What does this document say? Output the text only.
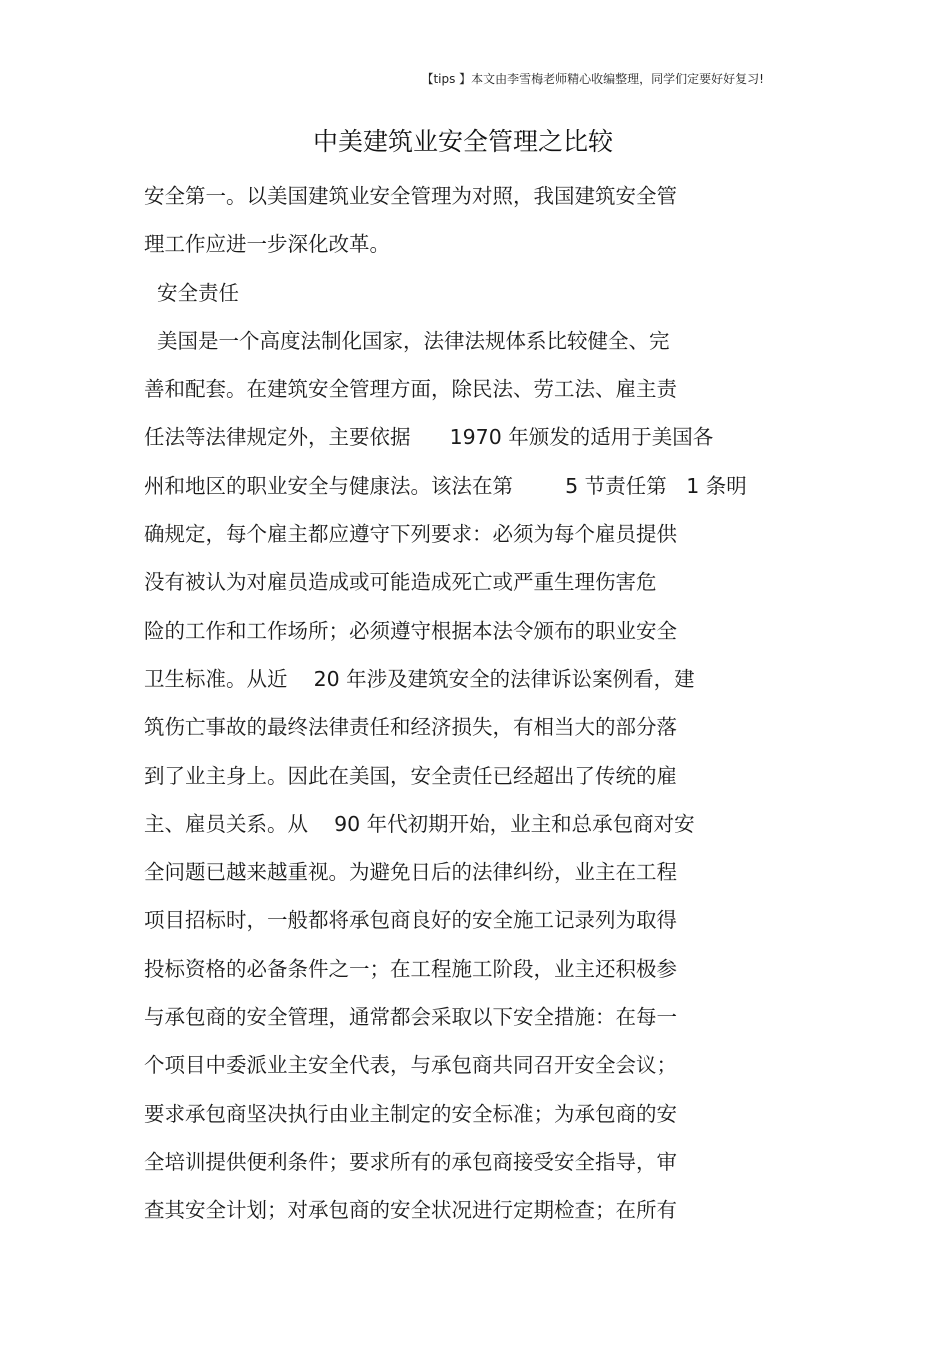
【tips 】本文由李雪梅老师精心收编整理，同学们定要好好复习!
中美建筑业安全管理之比较
安全第一。以美国建筑业安全管理为对照，我国建筑安全管
理工作应进一步深化改革。
安全责任
美国是一个高度法制化国家，法律法规体系比较健全、完
善和配套。在建筑安全管理方面，除民法、劳工法、雇主责
任法等法律规定外，主要依据      1970 年颁发的适用于美国各
州和地区的职业安全与健康法。该法在第        5 节责任第   1 条明
确规定，每个雇主都应遵守下列要求：必须为每个雇员提供
没有被认为对雇员造成或可能造成死亡或严重生理伤害危
险的工作和工作场所；必须遵守根据本法令颁布的职业安全
卫生标准。从近    20 年涉及建筑安全的法律诉讼案例看，建
筑伤亡事故的最终法律责任和经济损失，有相当大的部分落
到了业主身上。因此在美国，安全责任已经超出了传统的雇
主、雇员关系。从    90 年代初期开始，业主和总承包商对安
全问题已越来越重视。为避免日后的法律纠纷，业主在工程
项目招标时，一般都将承包商良好的安全施工记录列为取得
投标资格的必备条件之一；在工程施工阶段，业主还积极参
与承包商的安全管理，通常都会采取以下安全措施：在每一
个项目中委派业主安全代表，与承包商共同召开安全会议；
要求承包商坚决执行由业主制定的安全标准；为承包商的安
全培训提供便利条件；要求所有的承包商接受安全指导，审
查其安全计划；对承包商的安全状况进行定期检查；在所有
